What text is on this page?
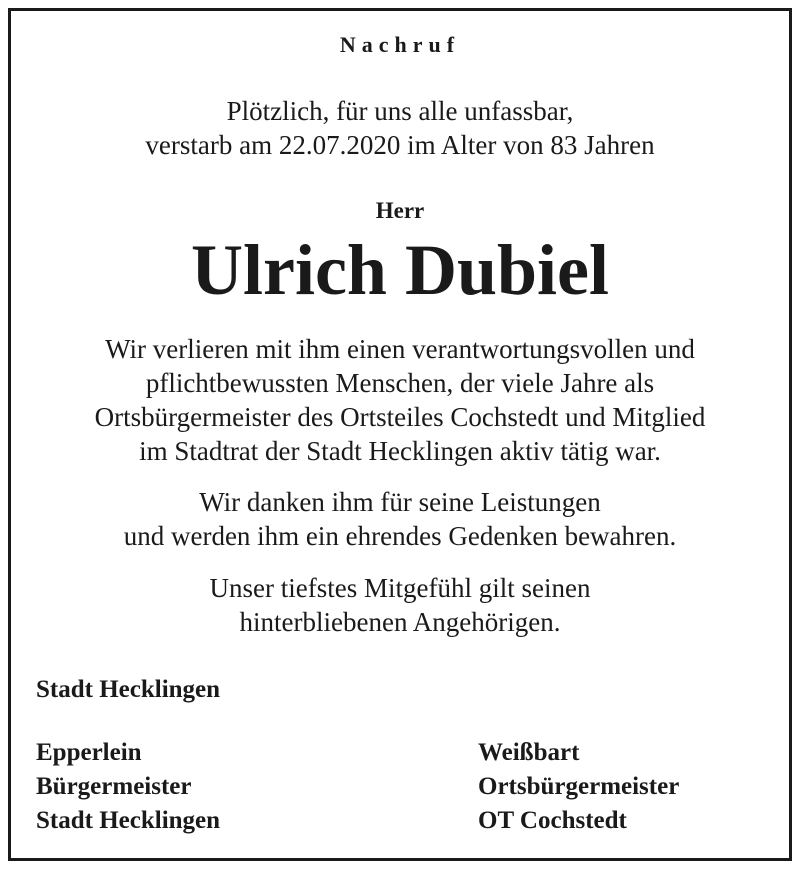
Nachruf
Plötzlich, für uns alle unfassbar,
verstarb am 22.07.2020 im Alter von 83 Jahren
Herr
Ulrich Dubiel
Wir verlieren mit ihm einen verantwortungsvollen und
pflichtbewussten Menschen, der viele Jahre als
Ortsbürgermeister des Ortsteiles Cochstedt und Mitglied
im Stadtrat der Stadt Hecklingen aktiv tätig war.
Wir danken ihm für seine Leistungen
und werden ihm ein ehrendes Gedenken bewahren.
Unser tiefstes Mitgefühl gilt seinen
hinterbliebenen Angehörigen.
Stadt Hecklingen
Epperlein
Bürgermeister
Stadt Hecklingen
Weißbart
Ortsbürgermeister
OT Cochstedt
